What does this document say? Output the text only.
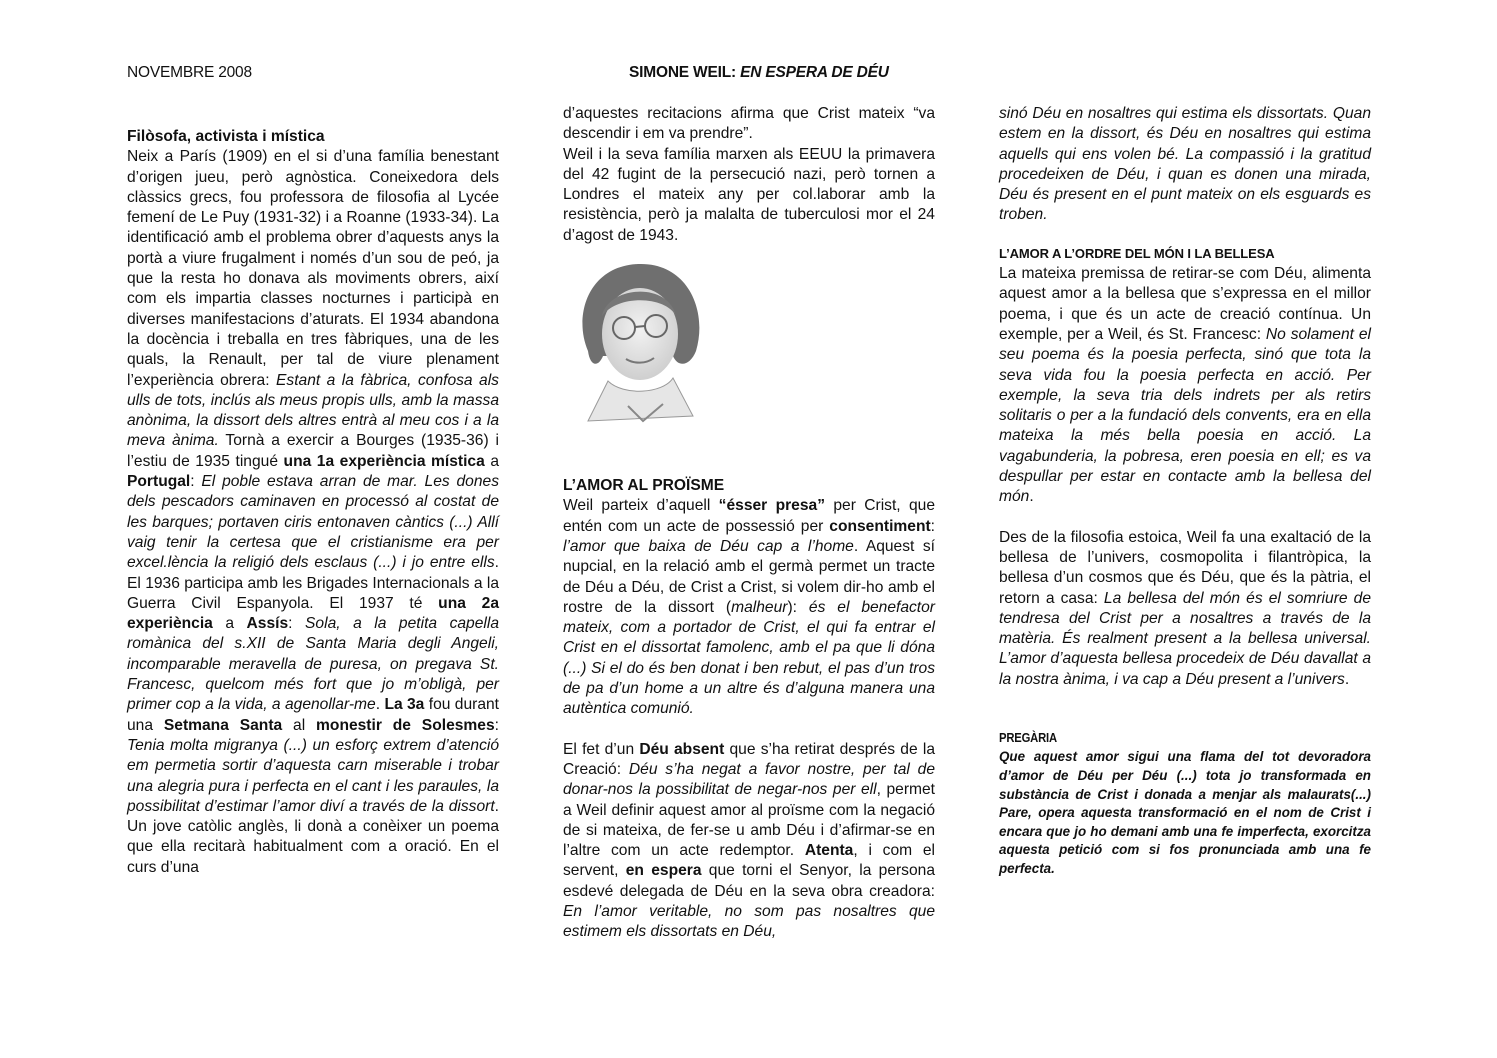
NOVEMBRE 2008	SIMONE WEIL: EN ESPERA DE DÉU
Filòsofa, activista i mística

Neix a París (1909) en el si d’una família benestant d’origen jueu, però agnòstica. Coneixedora dels clàssics grecs, fou professora de filosofia al Lycée femení de Le Puy (1931-32) i a Roanne (1933-34). La identificació amb el problema obrer d’aquests anys la portà a viure frugalment i només d’un sou de peó, ja que la resta ho donava als moviments obrers, així com els impartia classes nocturnes i participà en diverses manifestacions d’aturats. El 1934 abandona la docència i treballa en tres fàbriques, una de les quals, la Renault, per tal de viure plenament l’experiència obrera: Estant a la fàbrica, confosa als ulls de tots, inclús als meus propis ulls, amb la massa anònima, la dissort dels altres entrà al meu cos i a la meva ànima. Tornà a exercir a Bourges (1935-36) i l’estiu de 1935 tingué una 1a experiència mística a Portugal: El poble estava arran de mar. Les dones dels pescadors caminaven en processó al costat de les barques; portaven ciris entonaven càntics (...) Allí vaig tenir la certesa que el cristianisme era per excel.lència la religió dels esclaus (...) i jo entre ells. El 1936 participa amb les Brigades Internacionals a la Guerra Civil Espanyola. El 1937 té una 2a experiència a Assís: Sola, a la petita capella romànica del s.XII de Santa Maria degli Angeli, incomparable meravella de puresa, on pregava St. Francesc, quelcom més fort que jo m’obligà, per primer cop a la vida, a agenollar-me. La 3a fou durant una Setmana Santa al monestir de Solesmes: Tenia molta migranya (...) un esforç extrem d’atenció em permetia sortir d’aquesta carn miserable i trobar una alegria pura i perfecta en el cant i les paraules, la possibilitat d’estimar l’amor diví a través de la dissort. Un jove catòlic anglès, li donà a conèixer un poema que ella recitarà habitualment com a oració. En el curs d’una

d’aquestes recitacions afirma que Crist mateix “va descendir i em va prendre”.

Weil i la seva família marxen als EEUU la primavera del 42 fugint de la persecució nazi, però tornen a Londres el mateix any per col.laborar amb la resistència, però ja malalta de tuberculosi mor el 24 d’agost de 1943.

L’AMOR AL PROÏSME

Weil parteix d’aquell “ésser presa” per Crist, que entén com un acte de possessió per consentiment: l’amor que baixa de Déu cap a l’home. Aquest sí nupcial, en la relació amb el germà permet un tracte de Déu a Déu, de Crist a Crist, si volem dir-ho amb el rostre de la dissort (malheur): és el benefactor mateix, com a portador de Crist, el qui fa entrar el Crist en el dissortat famolenc, amb el pa que li dóna (...) Si el do és ben donat i ben rebut, el pas d’un tros de pa d’un home a un altre és d’alguna manera una autèntica comunió.

El fet d’un Déu absent que s’ha retirat després de la Creació: Déu s’ha negat a favor nostre, per tal de donar-nos la possibilitat de negar-nos per ell, permet a Weil definir aquest amor al proïsme com la negació de si mateixa, de fer-se u amb Déu i d’afirmar-se en l’altre com un acte redemptor. Atenta, i com el servent, en espera que torni el Senyor, la persona esdevé delegada de Déu en la seva obra creadora: En l’amor veritable, no som pas nosaltres que estimem els dissortats en Déu,

sinó Déu en nosaltres qui estima els dissortats. Quan estem en la dissort, és Déu en nosaltres qui estima aquells qui ens volen bé. La compassió i la gratitud procedeixen de Déu, i quan es donen una mirada, Déu és present en el punt mateix on els esguards es troben.

L’AMOR A L’ORDRE DEL MÓN I LA BELLESA

La mateixa premissa de retirar-se com Déu, alimenta aquest amor a la bellesa que s’expressa en el millor poema, i que és un acte de creació contínua. Un exemple, per a Weil, és St. Francesc: No solament el seu poema és la poesia perfecta, sinó que tota la seva vida fou la poesia perfecta en acció. Per exemple, la seva tria dels indrets per als retirs solitaris o per a la fundació dels convents, era en ella mateixa la més bella poesia en acció. La vagabunderia, la pobresa, eren poesia en ell; es va despullar per estar en contacte amb la bellesa del món.

Des de la filosofia estoica, Weil fa una exaltació de la bellesa de l’univers, cosmopolita i filantròpica, la bellesa d’un cosmos que és Déu, que és la pàtria, el retorn a casa: La bellesa del món és el somriure de tendresa del Crist per a nosaltres a través de la matèria. És realment present a la bellesa universal. L’amor d’aquesta bellesa procedeix de Déu davallat a la nostra ànima, i va cap a Déu present a l’univers.

PREGÀRIA

Que aquest amor sigui una flama del tot devoradora d’amor de Déu per Déu (...) tota jo transformada en substància de Crist i donada a menjar als malaurats(...) Pare, opera aquesta transformació en el nom de Crist i encara que jo ho demani amb una fe imperfecta, exorcitza aquesta petició com si fos pronunciada amb una fe perfecta.
